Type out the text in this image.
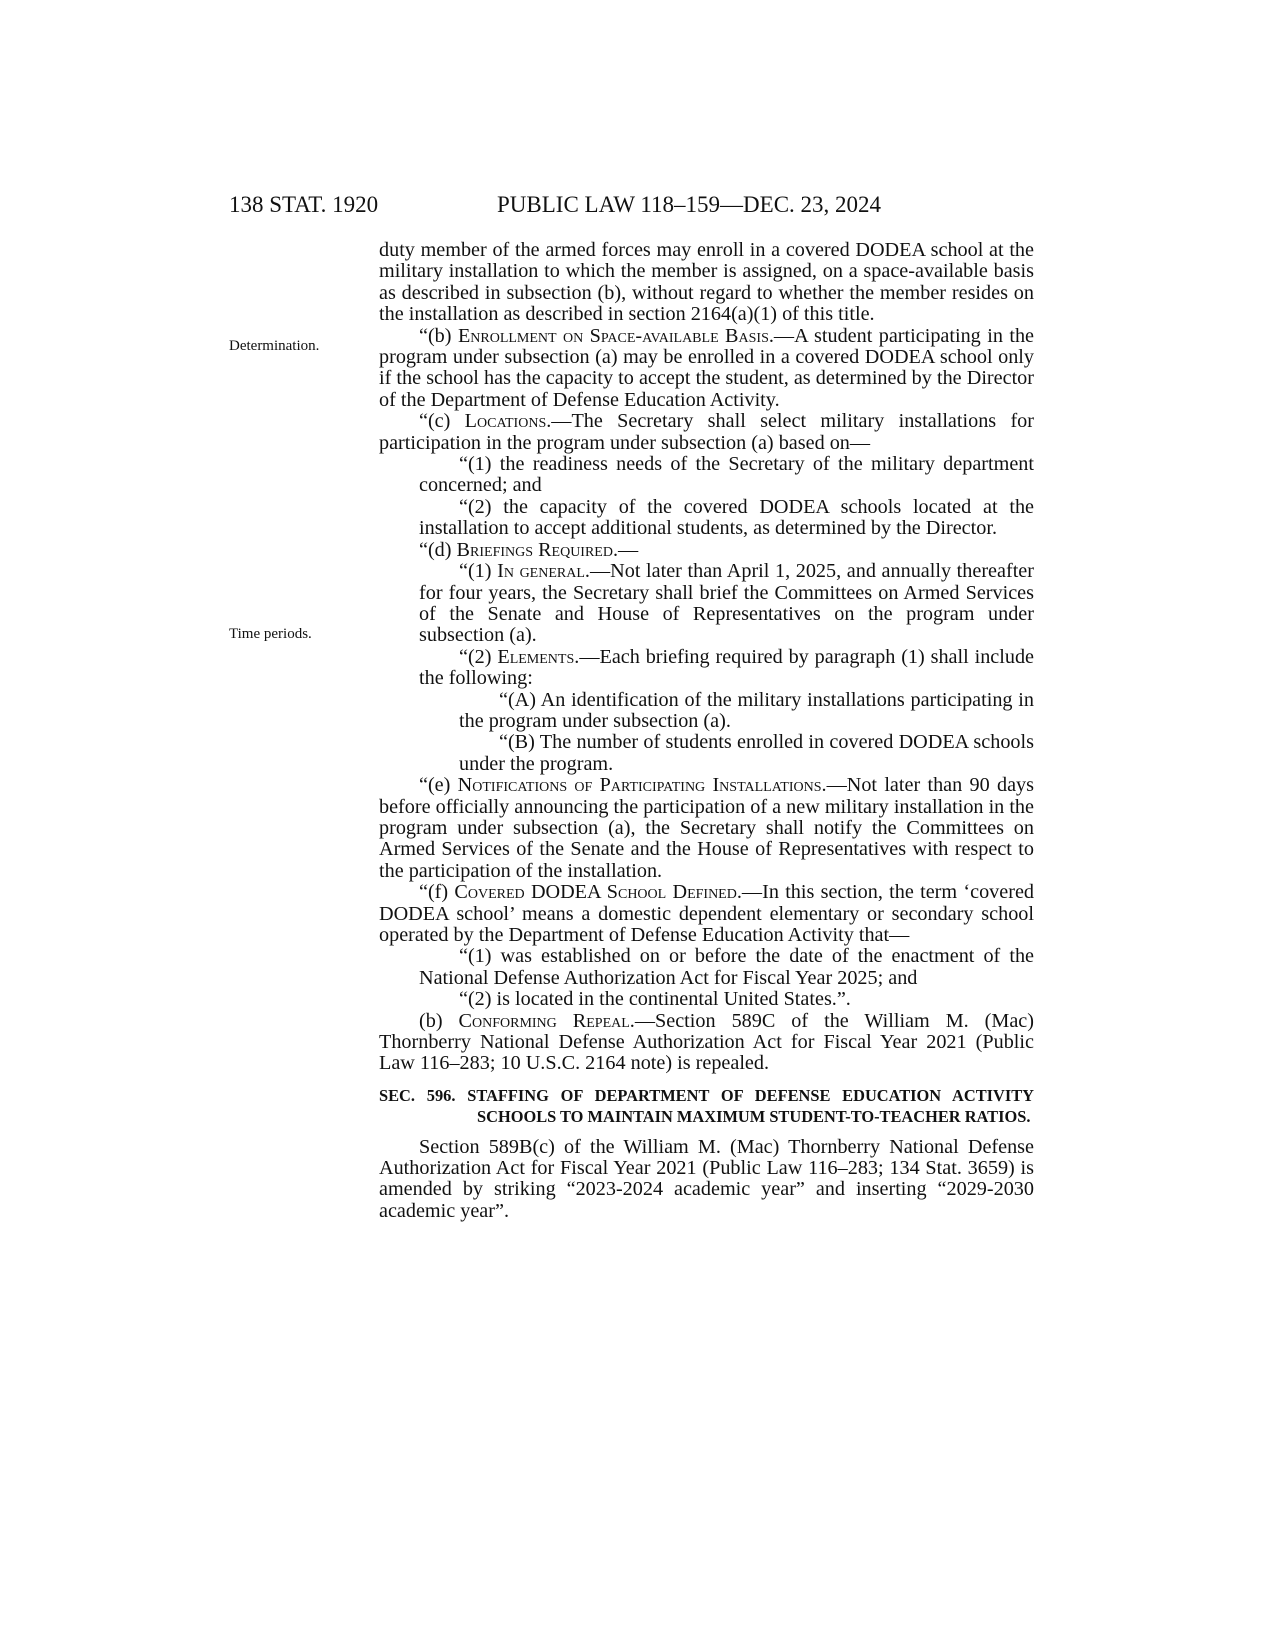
138 STAT. 1920	PUBLIC LAW 118–159—DEC. 23, 2024
Determination.
Time periods.

duty member of the armed forces may enroll in a covered DODEA school at the military installation to which the member is assigned, on a space-available basis as described in subsection (b), without regard to whether the member resides on the installation as described in section 2164(a)(1) of this title.

“(b) Enrollment on Space-available Basis.—A student participating in the program under subsection (a) may be enrolled in a covered DODEA school only if the school has the capacity to accept the student, as determined by the Director of the Department of Defense Education Activity.

“(c) Locations.—The Secretary shall select military installations for participation in the program under subsection (a) based on—

“(1) the readiness needs of the Secretary of the military department concerned; and

“(2) the capacity of the covered DODEA schools located at the installation to accept additional students, as determined by the Director.

“(d) Briefings Required.—

“(1) In general.—Not later than April 1, 2025, and annually thereafter for four years, the Secretary shall brief the Committees on Armed Services of the Senate and House of Representatives on the program under subsection (a).

“(2) Elements.—Each briefing required by paragraph (1) shall include the following:

“(A) An identification of the military installations participating in the program under subsection (a).

“(B) The number of students enrolled in covered DODEA schools under the program.

“(e) Notifications of Participating Installations.—Not later than 90 days before officially announcing the participation of a new military installation in the program under subsection (a), the Secretary shall notify the Committees on Armed Services of the Senate and the House of Representatives with respect to the participation of the installation.

“(f) Covered DODEA School Defined.—In this section, the term ‘covered DODEA school’ means a domestic dependent elementary or secondary school operated by the Department of Defense Education Activity that—

“(1) was established on or before the date of the enactment of the National Defense Authorization Act for Fiscal Year 2025; and

“(2) is located in the continental United States.”.

(b) Conforming Repeal.—Section 589C of the William M. (Mac) Thornberry National Defense Authorization Act for Fiscal Year 2021 (Public Law 116–283; 10 U.S.C. 2164 note) is repealed.

SEC. 596. STAFFING OF DEPARTMENT OF DEFENSE EDUCATION ACTIVITY SCHOOLS TO MAINTAIN MAXIMUM STUDENT-TO-TEACHER RATIOS.

Section 589B(c) of the William M. (Mac) Thornberry National Defense Authorization Act for Fiscal Year 2021 (Public Law 116–283; 134 Stat. 3659) is amended by striking “2023-2024 academic year” and inserting “2029-2030 academic year”.
